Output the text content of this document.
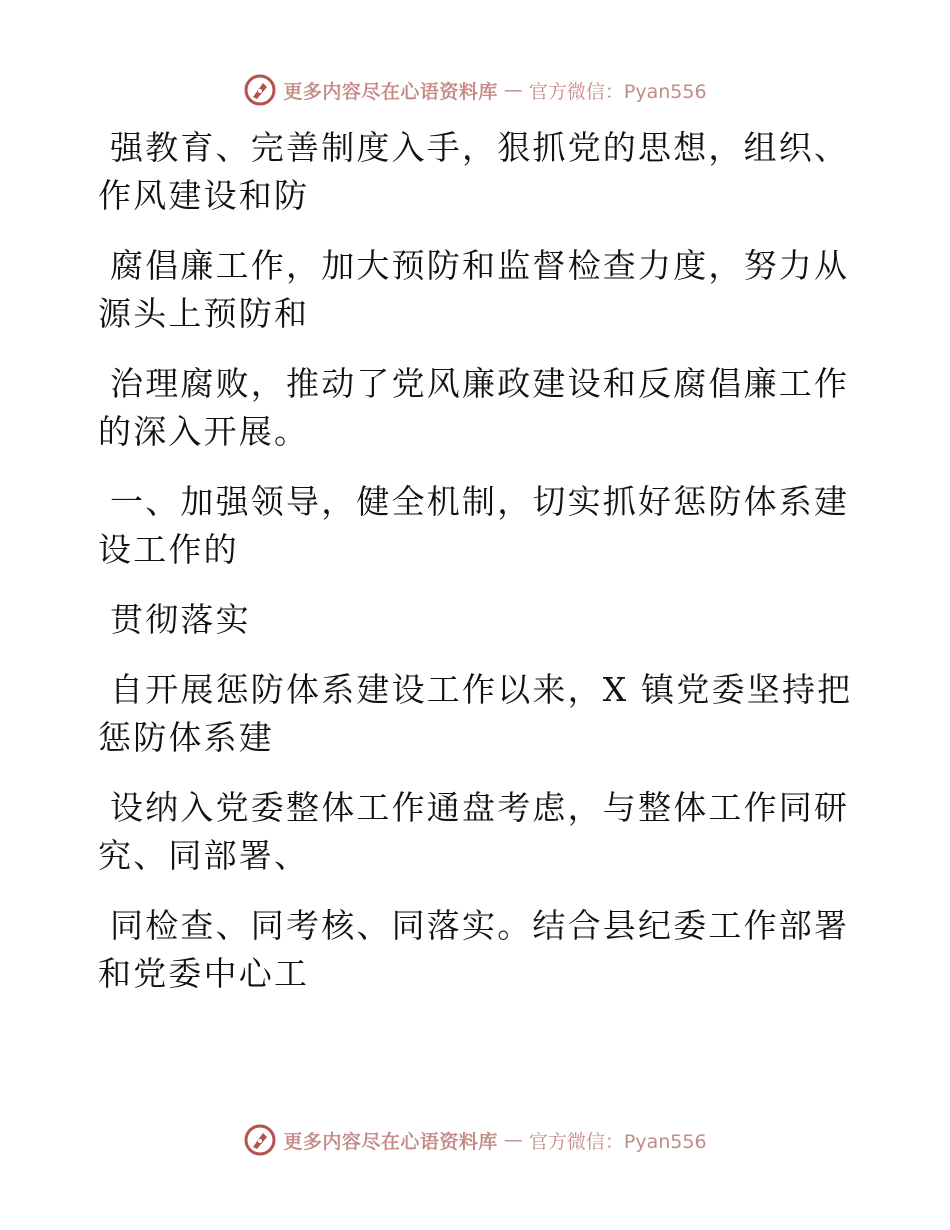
更多内容尽在心语资料库 — 官方微信：Pyan556

强教育、完善制度入手，狠抓党的思想，组织、
作风建设和防

腐倡廉工作，加大预防和监督检查力度，努力从
源头上预防和

治理腐败，推动了党风廉政建设和反腐倡廉工作
的深入开展。

一、加强领导，健全机制，切实抓好惩防体系建
设工作的

贯彻落实

自开展惩防体系建设工作以来，X 镇党委坚持把
惩防体系建

设纳入党委整体工作通盘考虑，与整体工作同研
究、同部署、

同检查、同考核、同落实。结合县纪委工作部署
和党委中心工

更多内容尽在心语资料库 — 官方微信：Pyan556
